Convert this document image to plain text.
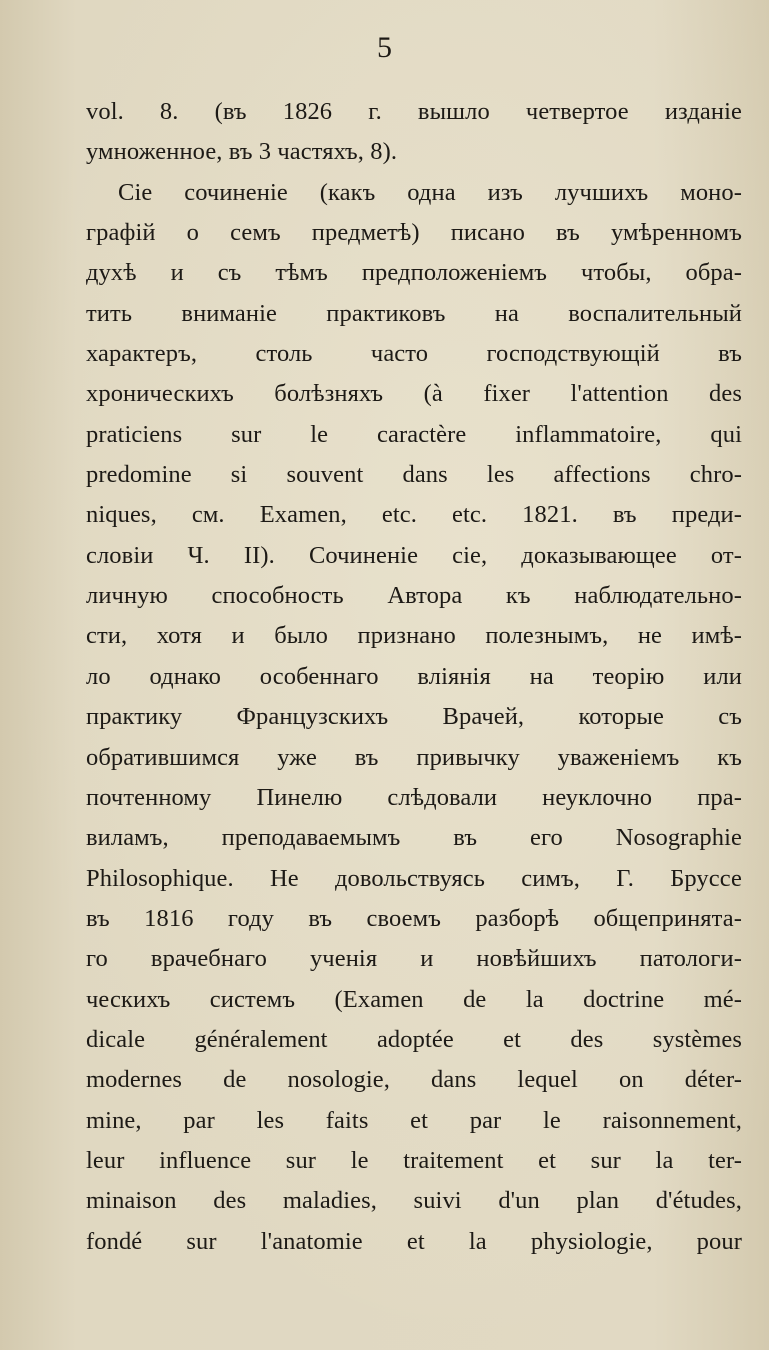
5
vol. 8. (въ 1826 г. вышло четвертое изданіе
умноженное, въ 3 частяхъ, 8).
Сіе сочиненіе (какъ одна изъ лучшихъ моно-
графій о семъ предметѣ) писано въ умѣренномъ
духѣ и съ тѣмъ предположеніемъ чтобы, обра-
тить вниманіе практиковъ на воспалительный
характеръ, столь часто господствующій въ
хроническихъ болѣзняхъ (à fixer l'attention des
praticiens sur le caractère inflammatoire, qui
predomine si souvent dans les affections chro-
niques, см. Examen, etc. etc. 1821. въ преди-
словіи Ч. II). Сочиненіе сіе, доказывающее от-
личную способность Автора къ наблюдательно-
сти, хотя и было признано полезнымъ, не имѣ-
ло однако особеннаго вліянія на теорію или
практику Французскихъ Врачей, которые съ
обратившимся уже въ привычку уваженіемъ къ
почтенному Пинелю слѣдовали неуклочно пра-
виламъ, преподаваемымъ въ его Nosographie
Philosophique. Не довольствуясь симъ, Г. Бруссе
въ 1816 году въ своемъ разборѣ общепринята-
го врачебнаго ученія и новѣйшихъ патологи-
ческихъ системъ (Examen de la doctrine mé-
dicale généralement adoptée et des systèmes
modernes de nosologie, dans lequel on déter-
mine, par les faits et par le raisonnement,
leur influence sur le traitement et sur la ter-
minaison des maladies, suivi d'un plan d'études,
fondé sur l'anatomie et la physiologie, pour
